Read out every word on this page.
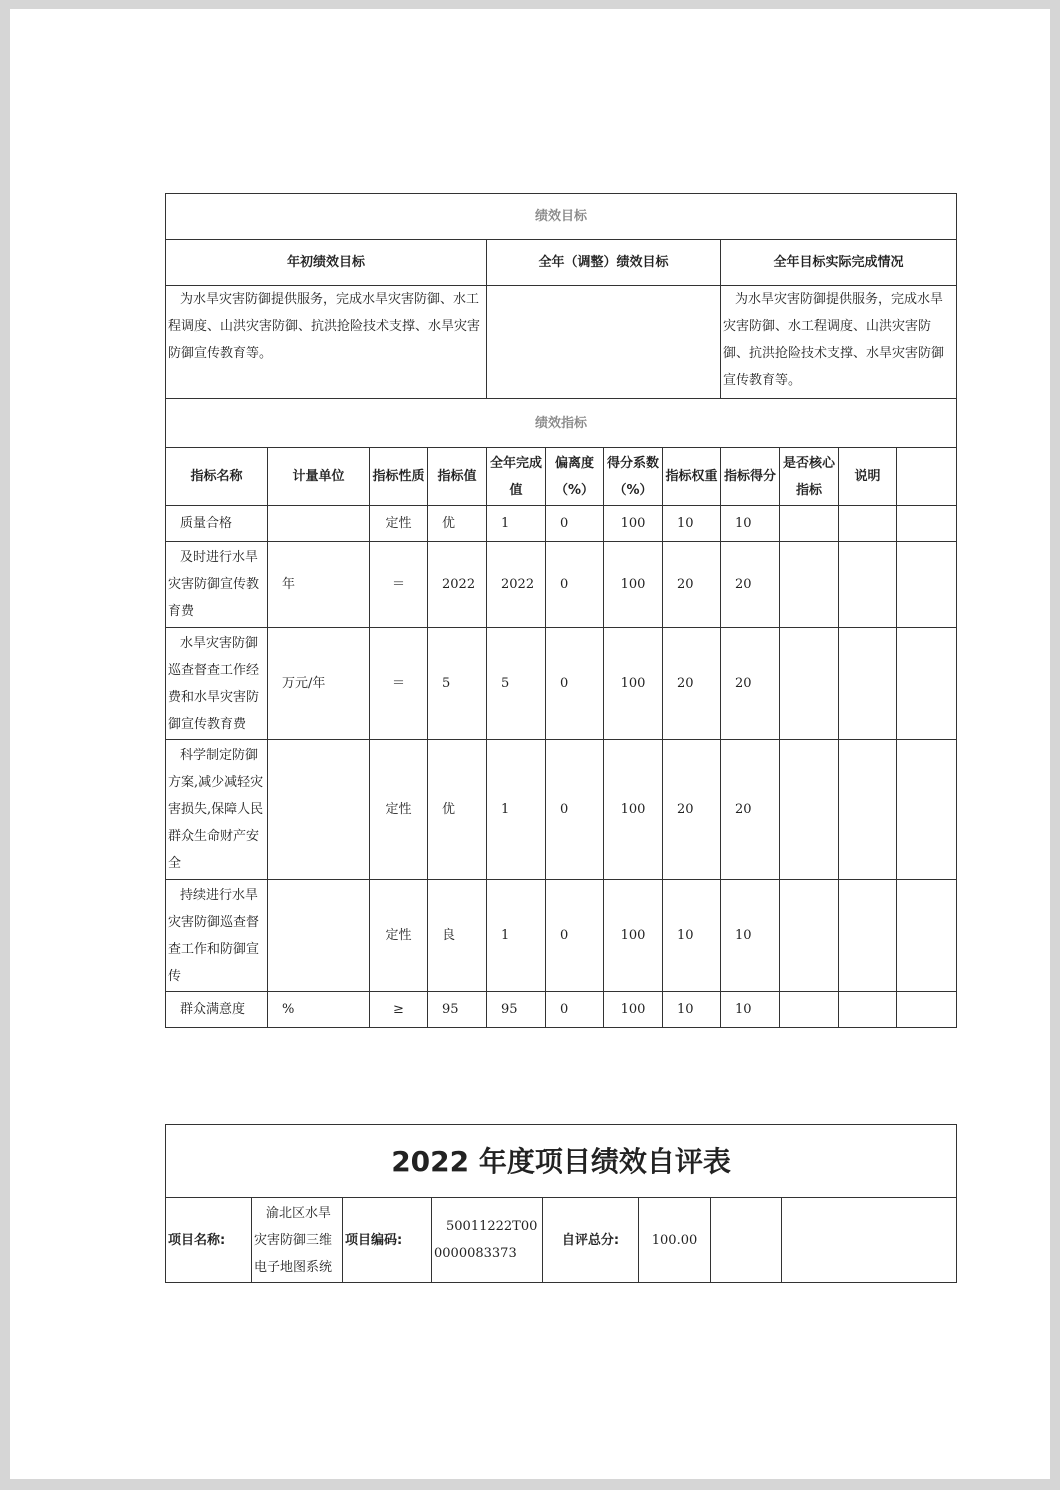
绩效目标											
年初绩效目标				全年（调整）绩效目标				全年目标实际完成情况			
为水旱灾害防御提供服务，完成水旱灾害防御、水工程调度、山洪灾害防御、抗洪抢险技术支撑、水旱灾害防御宣传教育等。								为水旱灾害防御提供服务，完成水旱灾害防御、水工程调度、山洪灾害防御、抗洪抢险技术支撑、水旱灾害防御宣传教育等。			
绩效指标											
指标名称	计量单位	指标性质	指标值	全年完成值	偏离度（%）	得分系数（%）	指标权重	指标得分	是否核心指标	说明	
质量合格		定性	优	1	0	100	10	10			
及时进行水旱灾害防御宣传教育费	年	＝	2022	2022	0	100	20	20			
水旱灾害防御巡查督查工作经费和水旱灾害防御宣传教育费	万元/年	＝	5	5	0	100	20	20			
科学制定防御方案,减少减轻灾害损失,保障人民群众生命财产安全		定性	优	1	0	100	20	20			
持续进行水旱灾害防御巡查督查工作和防御宣传		定性	良	1	0	100	10	10			
群众满意度	%	≥	95	95	0	100	10	10			
2022 年度项目绩效自评表
项目名称:	渝北区水旱灾害防御三维电子地图系统	项目编码:	50011222T000000083373	自评总分:	100.00		
